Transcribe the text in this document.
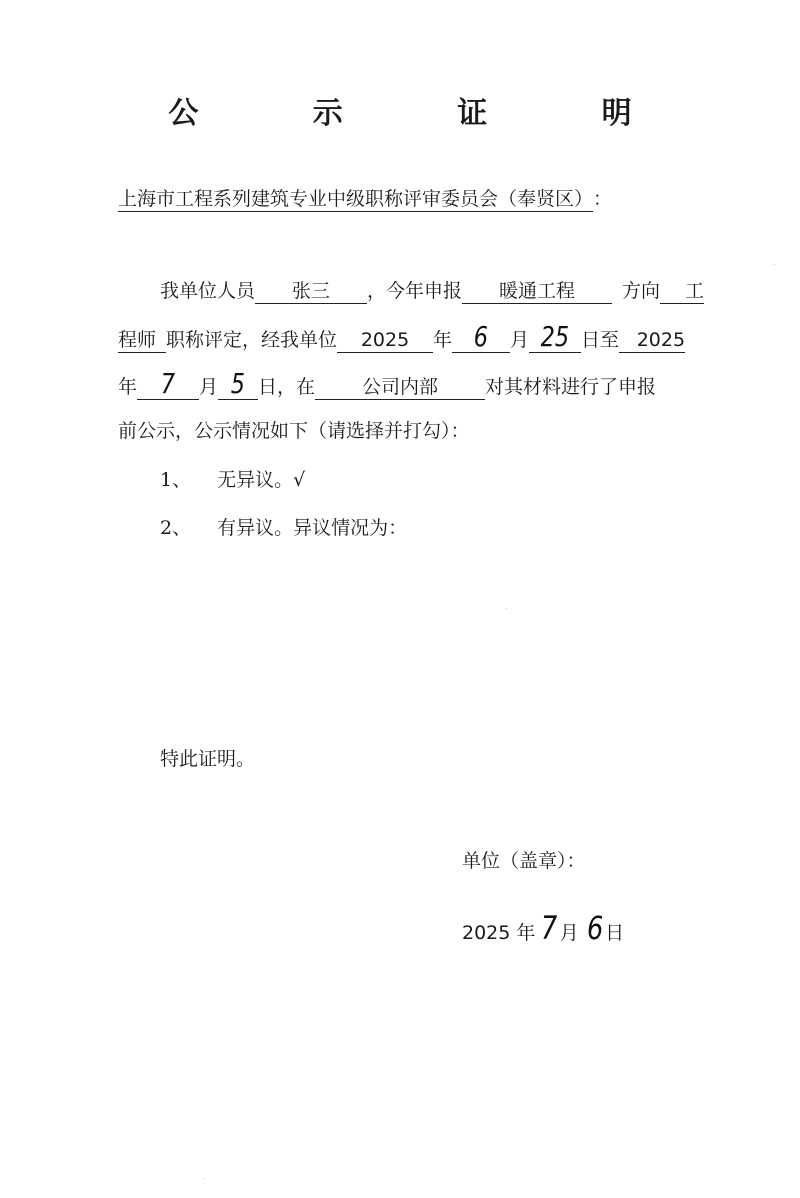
公 示 证 明
上海市工程系列建筑专业中级职称评审委员会（奉贤区）：
我单位人员 张三 ，今年申报 暖通工程 方向 工
程师 职称评定，经我单位 2025 年 6 月 25 日至 2025
年 7 月 5 日，在 公司内部 对其材料进行了申报
前公示，公示情况如下（请选择并打勾）：
1、 无异议。√
2、 有异议。异议情况为：
特此证明。
单位（盖章）：
2025 年 7 月 6 日
